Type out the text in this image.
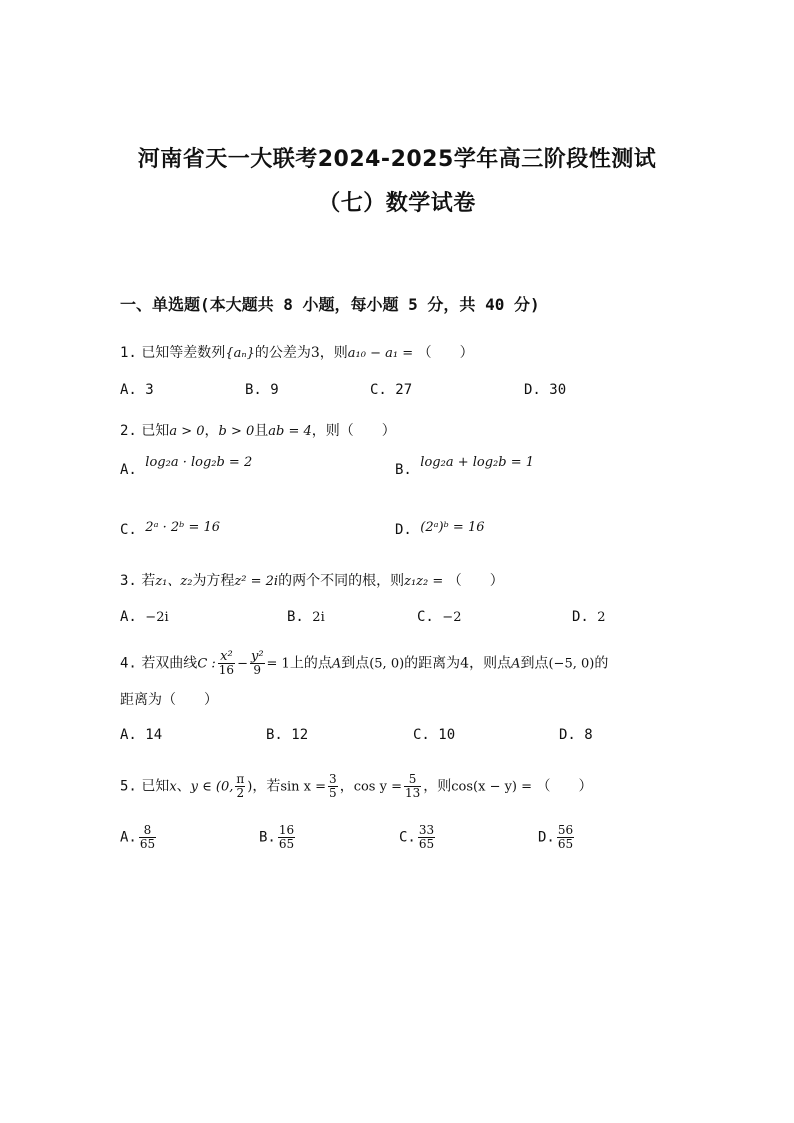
河南省天一大联考2024-2025学年高三阶段性测试
（七）数学试卷
一、单选题(本大题共 8 小题，每小题 5 分，共 40 分)
1. 已知等差数列{aₙ}的公差为3，则a₁₀ − a₁ = （　　）
A. 3	B. 9	C. 27	D. 30
2. 已知a > 0，b > 0且ab = 4，则（　　）
A. log₂a · log₂b = 2	B. log₂a + log₂b = 1
C. 2ᵃ · 2ᵇ = 16	D. (2ᵃ)ᵇ = 16
3. 若z₁、z₂为方程z² = 2i的两个不同的根，则z₁z₂ = （　　）
A. −2i	B. 2i	C. −2	D. 2
4. 若双曲线C : $\frac{\text{x²}}{16} - \frac{\text{y²}}{9} = 1$上的点A到点(5, 0)的距离为4，则点A到点(−5, 0)的
距离为（　　）
A. 14	B. 12	C. 10	D. 8
5. 已知x、y ∈ (0, $\frac{\pi}{2}$ )，若$\sin x = \frac{3}{5}$ ，$\cos y = \frac{5}{13}$ ，则cos(x − y) = （　　）
A. $\frac{8}{65}$	B. $\frac{16}{65}$	C. $\frac{33}{65}$	D. $\frac{56}{65}$
